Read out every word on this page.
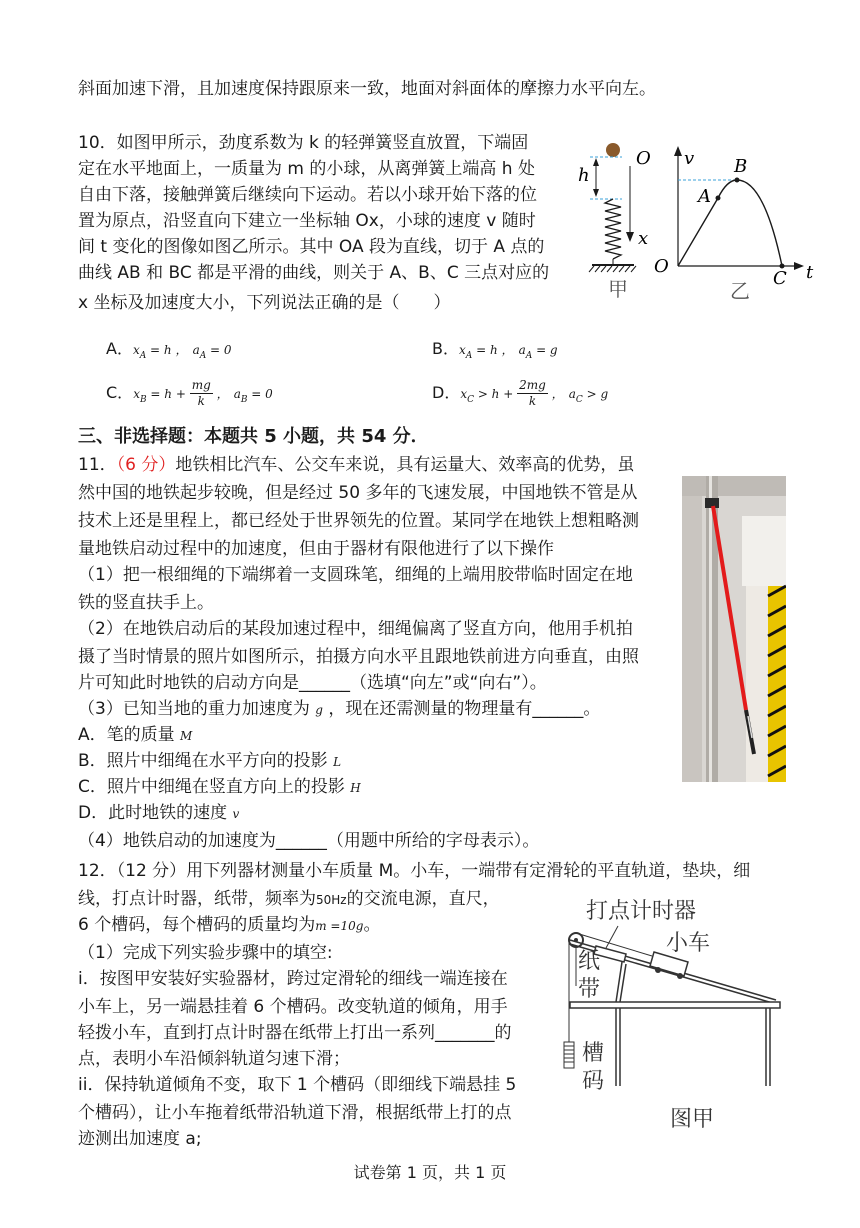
斜面加速下滑，且加速度保持跟原来一致，地面对斜面体的摩擦力水平向左。
10．如图甲所示，劲度系数为 k 的轻弹簧竖直放置，下端固
定在水平地面上，一质量为 m 的小球，从离弹簧上端高 h 处
自由下落，接触弹簧后继续向下运动。若以小球开始下落的位
置为原点，沿竖直向下建立一坐标轴 Ox，小球的速度 v 随时
间 t 变化的图像如图乙所示。其中 OA 段为直线，切于 A 点的
曲线 AB 和 BC 都是平滑的曲线，则关于 A、B、C 三点对应的
x 坐标及加速度大小，下列说法正确的是（　　）
h
O
x
甲
v
O	t
A
B
C
乙
A．$x_A = h$ ， $a_A = 0$	B．$x_A = h$ ， $a_A = g$
C．$x_B = h + \frac{mg}{k}$ ， $a_B = 0$	D．$x_C > h + \frac{2mg}{k}$ ， $a_C > g$
三、非选择题：本题共 5 小题，共 54 分．
11．（6 分）地铁相比汽车、公交车来说，具有运量大、效率高的优势，虽
然中国的地铁起步较晚，但是经过 50 多年的飞速发展，中国地铁不管是从
技术上还是里程上，都已经处于世界领先的位置。某同学在地铁上想粗略测
量地铁启动过程中的加速度，但由于器材有限他进行了以下操作
（1）把一根细绳的下端绑着一支圆珠笔，细绳的上端用胶带临时固定在地
铁的竖直扶手上。
（2）在地铁启动后的某段加速过程中，细绳偏离了竖直方向，他用手机拍
摄了当时情景的照片如图所示，拍摄方向水平且跟地铁前进方向垂直，由照
片可知此时地铁的启动方向是______（选填“向左”或“向右”）。
（3）已知当地的重力加速度为 g ，现在还需测量的物理量有______。
A．笔的质量 M
B．照片中细绳在水平方向的投影 L
C．照片中细绳在竖直方向上的投影 H
D．此时地铁的速度 v
（4）地铁启动的加速度为______（用题中所给的字母表示）。
12．（12 分）用下列器材测量小车质量 M。小车，一端带有定滑轮的平直轨道，垫块，细
线，打点计时器，纸带，频率为50Hz的交流电源，直尺，
6 个槽码，每个槽码的质量均为m =10g。
（1）完成下列实验步骤中的填空:
i．按图甲安装好实验器材，跨过定滑轮的细线一端连接在
小车上，另一端悬挂着 6 个槽码。改变轨道的倾角，用手
轻拨小车，直到打点计时器在纸带上打出一系列_______的
点，表明小车沿倾斜轨道匀速下滑；
ii．保持轨道倾角不变，取下 1 个槽码（即细线下端悬挂 5
个槽码），让小车拖着纸带沿轨道下滑，根据纸带上打的点
迹测出加速度 a;
打点计时器
小车
纸
带
槽
码
图甲
试卷第 1 页，共 1 页
